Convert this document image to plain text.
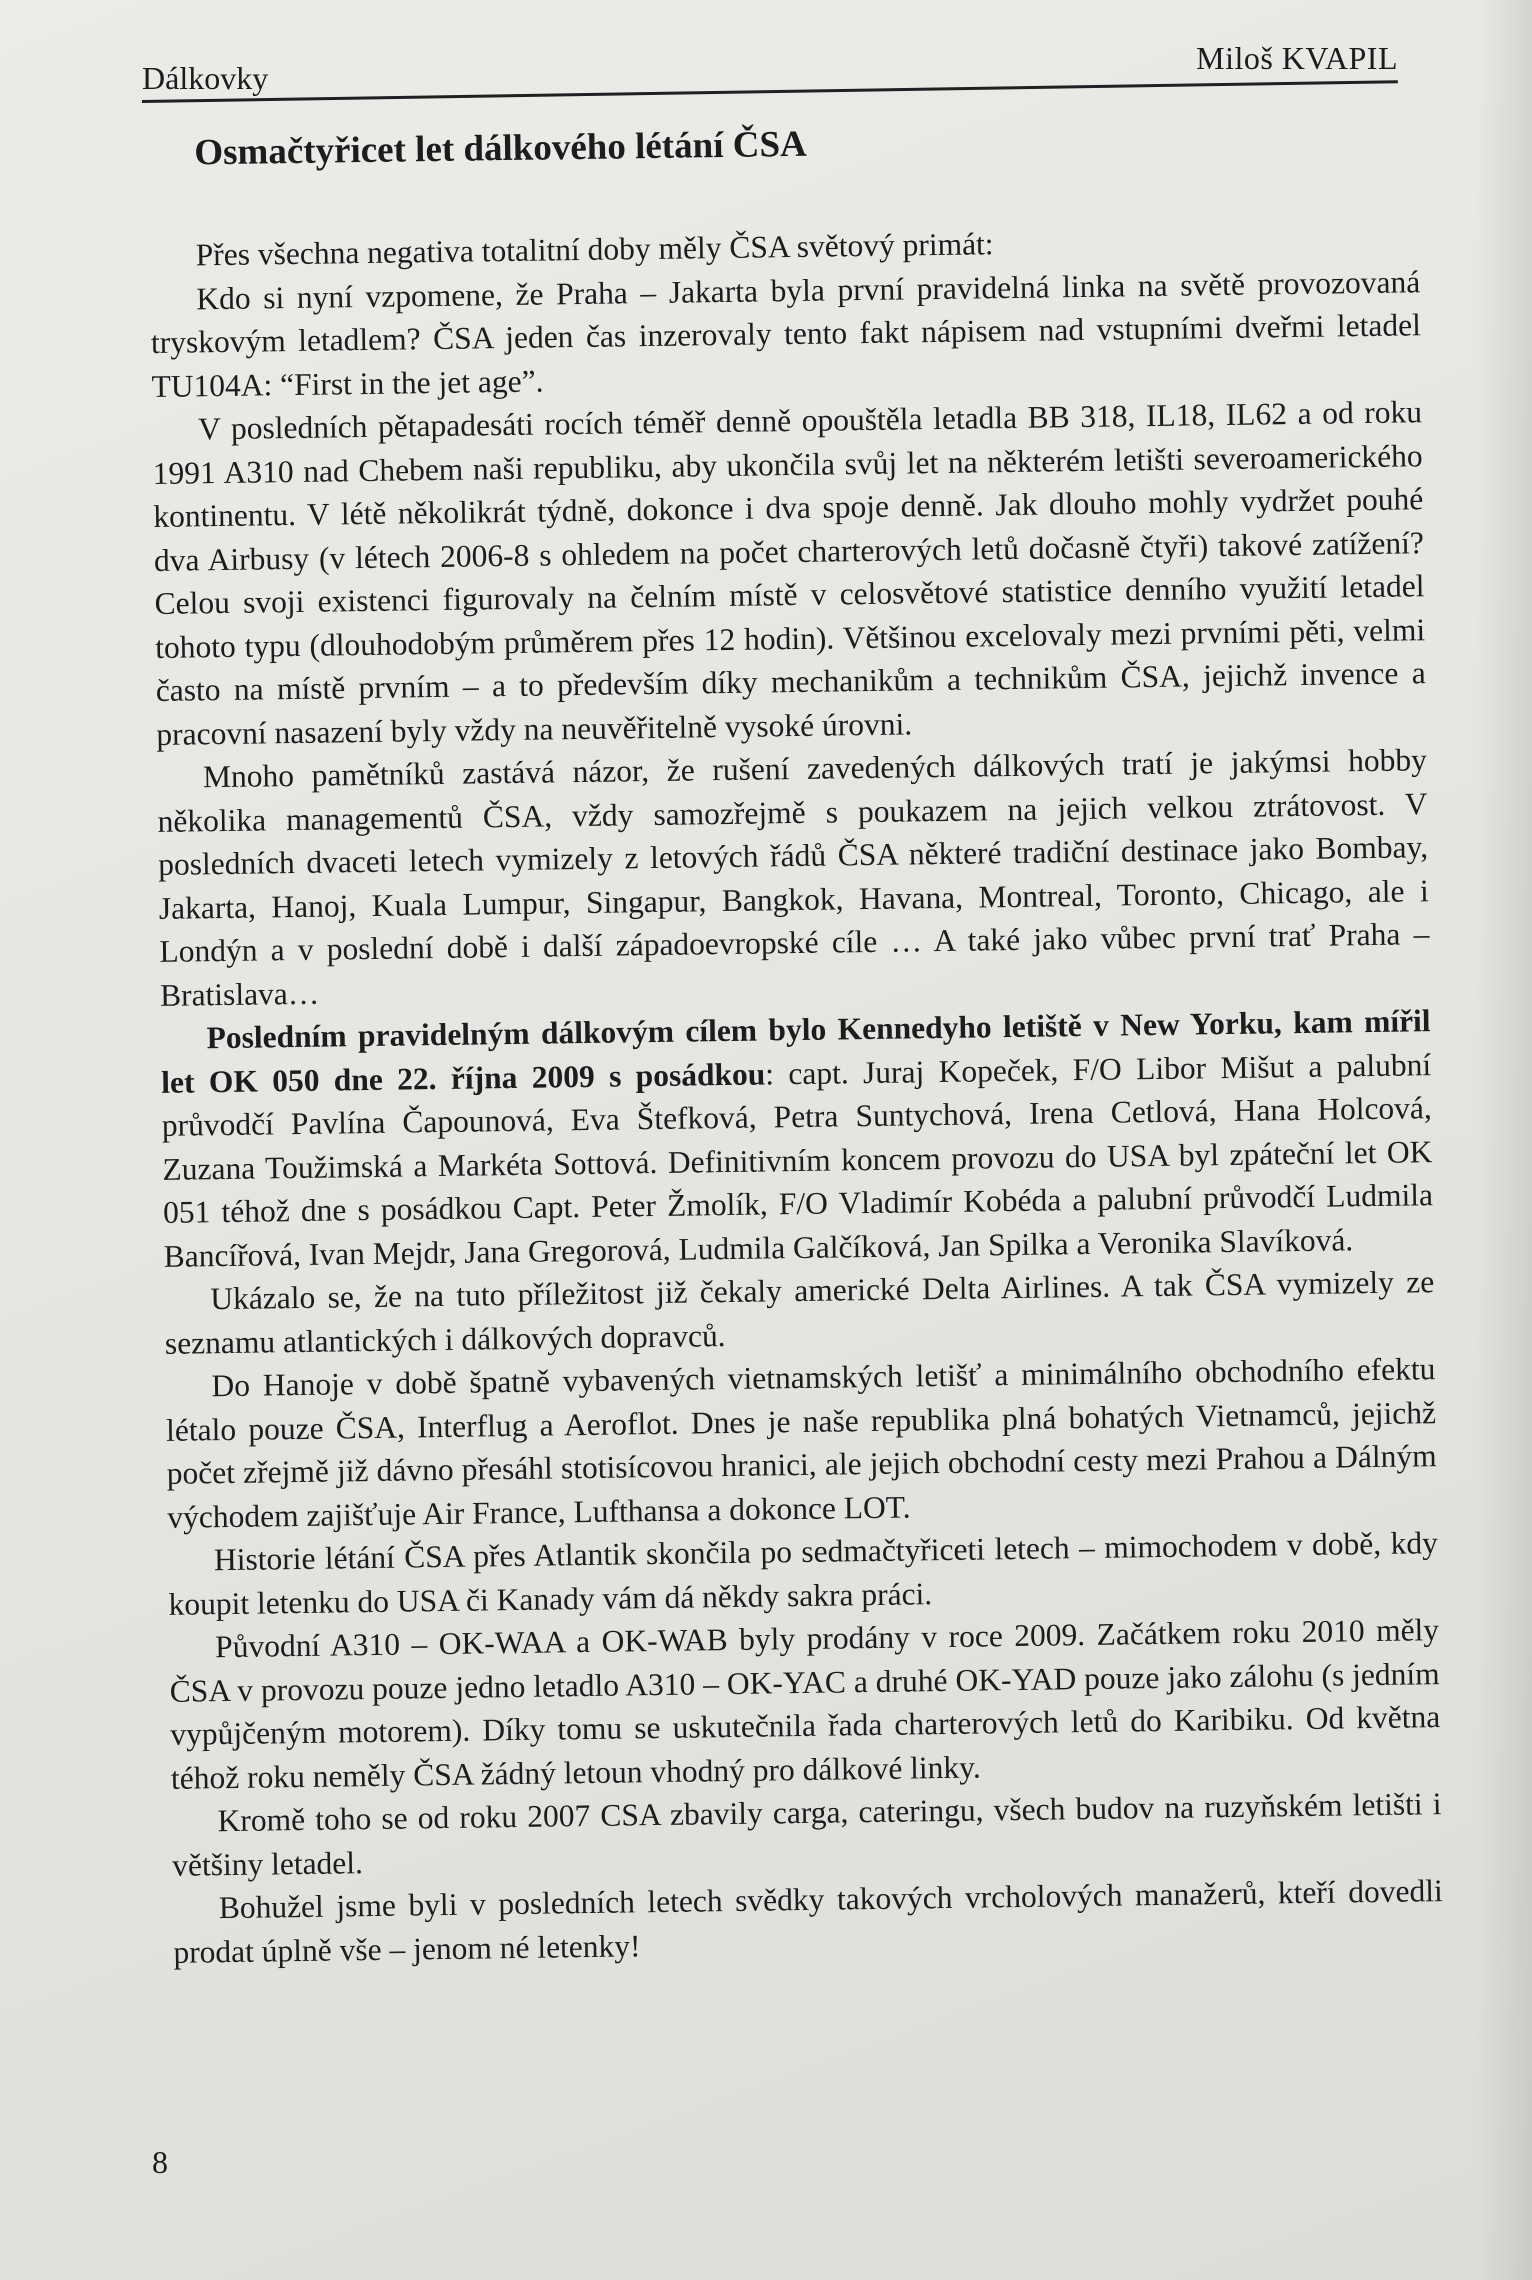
Dálkovky
Miloš KVAPIL
Osmačtyřicet let dálkového létání ČSA

Přes všechna negativa totalitní doby měly ČSA světový primát:

Kdo si nyní vzpomene, že Praha – Jakarta byla první pravidelná linka na světě provozovaná tryskovým letadlem? ČSA jeden čas inzerovaly tento fakt nápisem nad vstupními dveřmi letadel TU104A: “First in the jet age”.

V posledních pětapadesáti rocích téměř denně opouštěla letadla BB 318, IL18, IL62 a od roku 1991 A310 nad Chebem naši republiku, aby ukončila svůj let na některém letišti severoamerického kontinentu. V létě několikrát týdně, dokonce i dva spoje denně. Jak dlouho mohly vydržet pouhé dva Airbusy (v létech 2006-8 s ohledem na počet charterových letů dočasně čtyři) takové zatížení? Celou svoji existenci figurovaly na čelním místě v celosvětové statistice denního využití letadel tohoto typu (dlouhodobým průměrem přes 12 hodin). Většinou excelovaly mezi prvními pěti, velmi často na místě prvním – a to především díky mechanikům a technikům ČSA, jejichž invence a pracovní nasazení byly vždy na neuvěřitelně vysoké úrovni.

Mnoho pamětníků zastává názor, že rušení zavedených dálkových tratí je jakýmsi hobby několika managementů ČSA, vždy samozřejmě s poukazem na jejich velkou ztrátovost. V posledních dvaceti letech vymizely z letových řádů ČSA některé tradiční destinace jako Bombay, Jakarta, Hanoj, Kuala Lumpur, Singapur, Bangkok, Havana, Montreal, Toronto, Chicago, ale i Londýn a v poslední době i další západoevropské cíle … A také jako vůbec první trať Praha – Bratislava…

Posledním pravidelným dálkovým cílem bylo Kennedyho letiště v New Yorku, kam mířil let OK 050 dne 22. října 2009 s posádkou: capt. Juraj Kopeček, F/O Libor Mišut a palubní průvodčí Pavlína Čapounová, Eva Štefková, Petra Suntychová, Irena Cetlová, Hana Holcová, Zuzana Toužimská a Markéta Sottová. Definitivním koncem provozu do USA byl zpáteční let OK 051 téhož dne s posádkou Capt. Peter Žmolík, F/O Vladimír Kobéda a palubní průvodčí Ludmila Bancířová, Ivan Mejdr, Jana Gregorová, Ludmila Galčíková, Jan Spilka a Veronika Slavíková.

Ukázalo se, že na tuto příležitost již čekaly americké Delta Airlines. A tak ČSA vymizely ze seznamu atlantických i dálkových dopravců.

Do Hanoje v době špatně vybavených vietnamských letišť a minimálního obchodního efektu létalo pouze ČSA, Interflug a Aeroflot. Dnes je naše republika plná bohatých Vietnamců, jejichž počet zřejmě již dávno přesáhl stotisícovou hranici, ale jejich obchodní cesty mezi Prahou a Dálným východem zajišťuje Air France, Lufthansa a dokonce LOT.

Historie létání ČSA přes Atlantik skončila po sedmačtyřiceti letech – mimochodem v době, kdy koupit letenku do USA či Kanady vám dá někdy sakra práci.

Původní A310 – OK-WAA a OK-WAB byly prodány v roce 2009. Začátkem roku 2010 měly ČSA v provozu pouze jedno letadlo A310 – OK-YAC a druhé OK-YAD pouze jako zálohu (s jedním vypůjčeným motorem). Díky tomu se uskutečnila řada charterových letů do Karibiku. Od května téhož roku neměly ČSA žádný letoun vhodný pro dálkové linky.

Kromě toho se od roku 2007 CSA zbavily carga, cateringu, všech budov na ruzyňském letišti i většiny letadel.

Bohužel jsme byli v posledních letech svědky takových vrcholových manažerů, kteří dovedli prodat úplně vše – jenom né letenky!

8
